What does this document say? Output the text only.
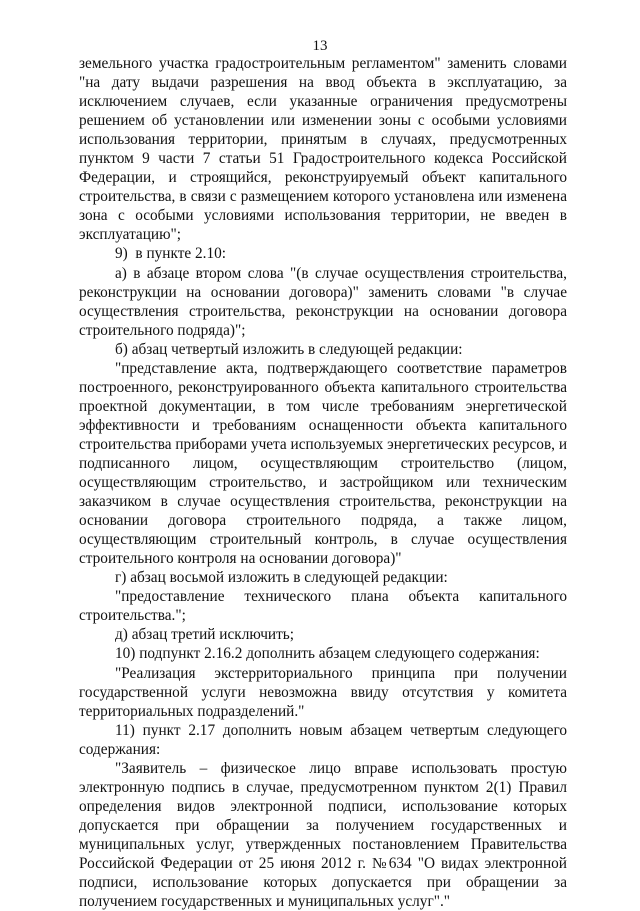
13

земельного участка градостроительным регламентом" заменить словами "на дату выдачи разрешения на ввод объекта в эксплуатацию, за исключением случаев, если указанные ограничения предусмотрены решением об установлении или изменении зоны с особыми условиями использования территории, принятым в случаях, предусмотренных пунктом 9 части 7 статьи 51 Градостроительного кодекса Российской Федерации, и строящийся, реконструируемый объект капитального строительства, в связи с размещением которого установлена или изменена зона с особыми условиями использования территории, не введен в эксплуатацию";

9)  в пункте 2.10:

а) в абзаце втором слова "(в случае осуществления строительства, реконструкции на основании договора)" заменить словами "в случае осуществления строительства, реконструкции на основании договора строительного подряда)";

б) абзац четвертый изложить в следующей редакции:

"представление акта, подтверждающего соответствие параметров построенного, реконструированного объекта капитального строительства проектной документации, в том числе требованиям энергетической эффективности и требованиям оснащенности объекта капитального строительства приборами учета используемых энергетических ресурсов, и подписанного лицом, осуществляющим строительство (лицом, осуществляющим строительство, и застройщиком или техническим заказчиком в случае осуществления строительства, реконструкции на основании договора строительного подряда, а также лицом, осуществляющим строительный контроль, в случае осуществления строительного контроля на основании договора)"

г) абзац восьмой изложить в следующей редакции:

"предоставление технического плана объекта капитального строительства.";

д) абзац третий исключить;

10) подпункт 2.16.2 дополнить абзацем следующего содержания:

"Реализация экстерриториального принципа при получении государственной услуги невозможна ввиду отсутствия у комитета территориальных подразделений."

11) пункт 2.17 дополнить новым абзацем четвертым следующего содержания:

"Заявитель – физическое лицо вправе использовать простую электронную подпись в случае, предусмотренном пунктом 2(1) Правил определения видов электронной подписи, использование которых допускается при обращении за получением государственных и муниципальных услуг, утвержденных постановлением Правительства Российской Федерации от 25 июня 2012 г. №634 "О видах электронной подписи, использование которых допускается при обращении за получением государственных и муниципальных услуг"."
